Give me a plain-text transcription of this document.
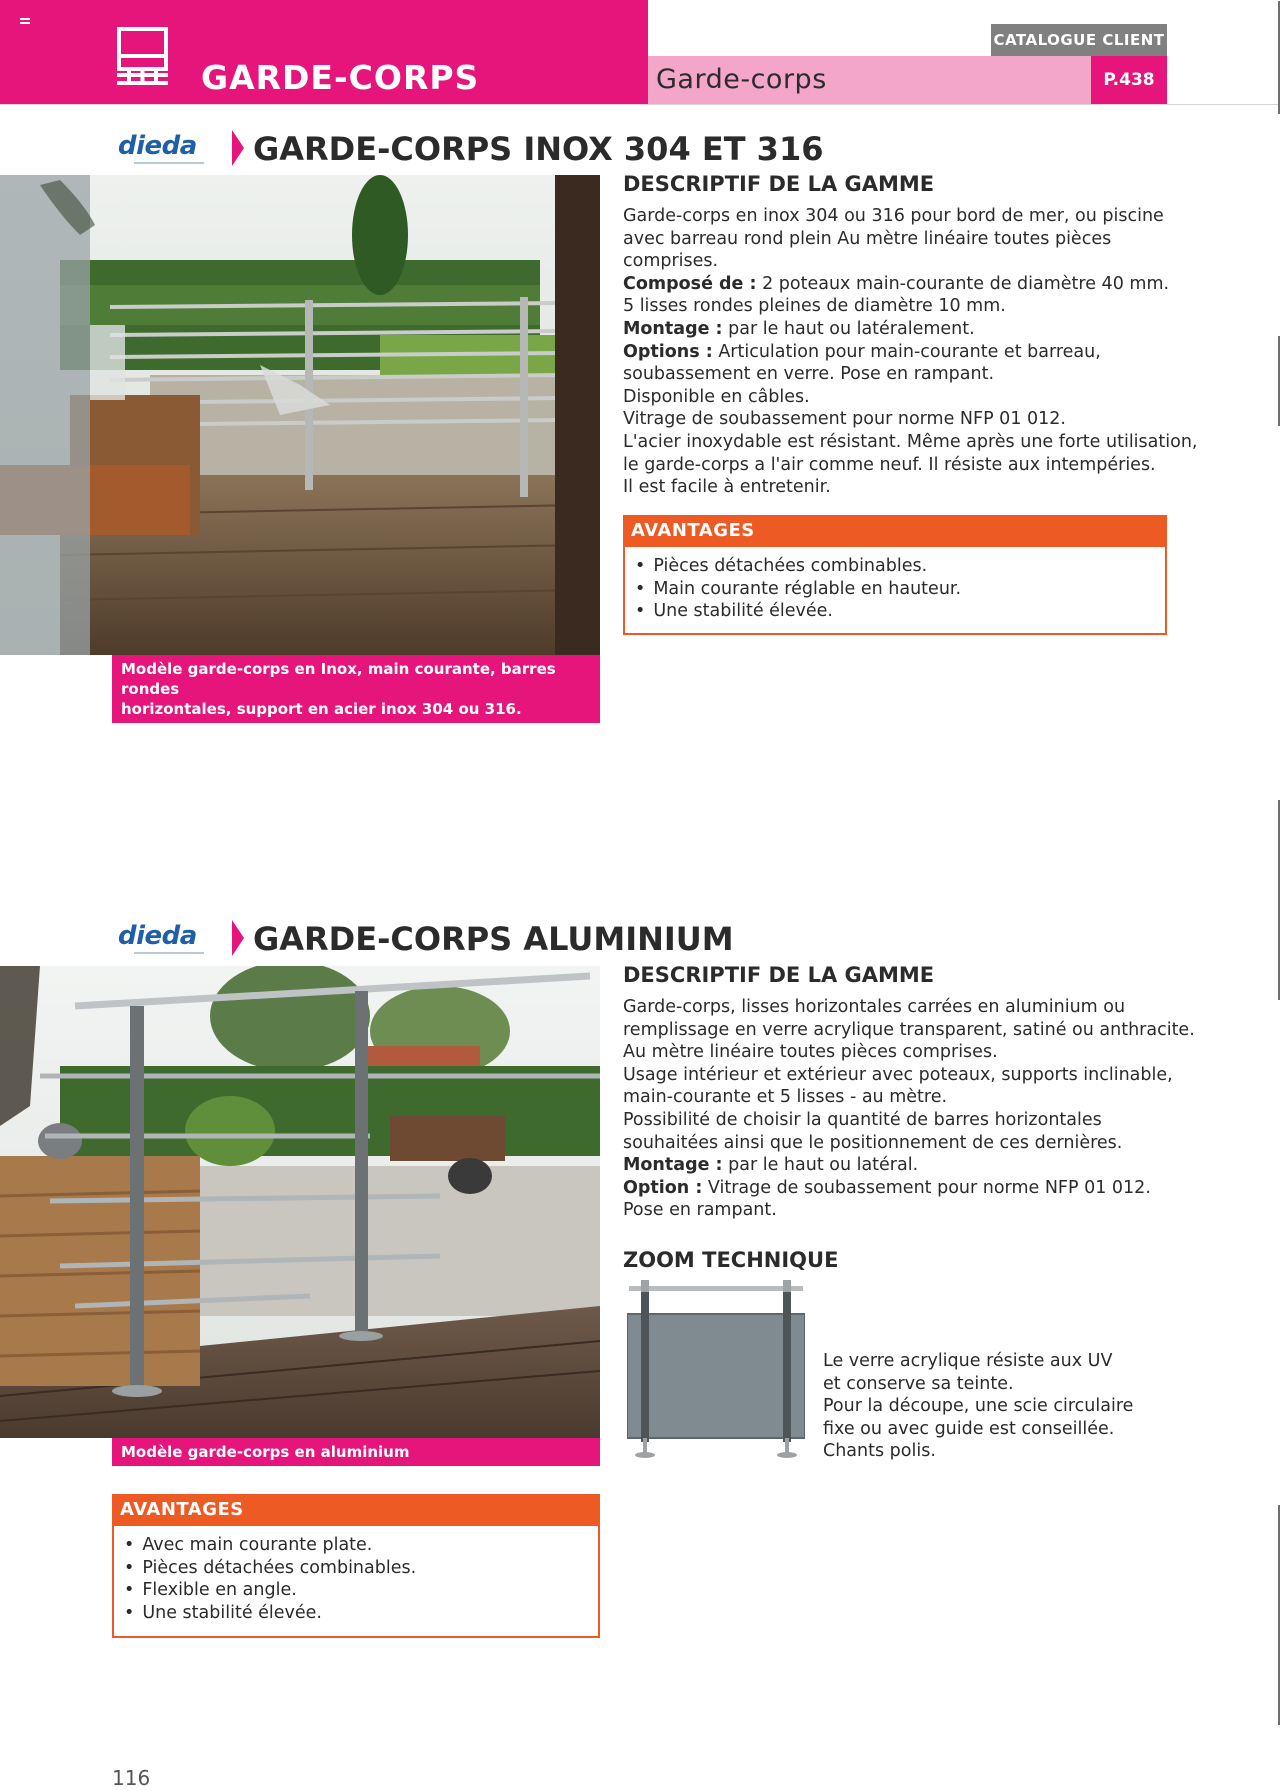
GARDE-CORPS	Garde-corps
CATALOGUE CLIENT
P.438
dieda	GARDE-CORPS INOX 304 ET 316
Modèle garde-corps en Inox, main courante, barres rondes
horizontales, support en acier inox 304 ou 316.
DESCRIPTIF DE LA GAMME

Garde-corps en inox 304 ou 316 pour bord de mer, ou piscine

avec barreau rond plein Au mètre linéaire toutes pièces

comprises.

Composé de : 2 poteaux main-courante de diamètre 40 mm.

5 lisses rondes pleines de diamètre 10 mm.

Montage : par le haut ou latéralement.

Options : Articulation pour main-courante et barreau,

soubassement en verre. Pose en rampant.

Disponible en câbles.

Vitrage de soubassement pour norme NFP 01 012.

L'acier inoxydable est résistant. Même après une forte utilisation,

le garde-corps a l'air comme neuf. Il résiste aux intempéries.

Il est facile à entretenir.

AVANTAGES
• Pièces détachées combinables.
• Main courante réglable en hauteur.
• Une stabilité élevée.
dieda	GARDE-CORPS ALUMINIUM
Modèle garde-corps en aluminium
DESCRIPTIF DE LA GAMME

Garde-corps, lisses horizontales carrées en aluminium ou

remplissage en verre acrylique transparent, satiné ou anthracite.

Au mètre linéaire toutes pièces comprises.

Usage intérieur et extérieur avec poteaux, supports inclinable,

main-courante et 5 lisses - au mètre.

Possibilité de choisir la quantité de barres horizontales

souhaitées ainsi que le positionnement de ces dernières.

Montage : par le haut ou latéral.

Option : Vitrage de soubassement pour norme NFP 01 012.

Pose en rampant.

ZOOM TECHNIQUE

Le verre acrylique résiste aux UV

et conserve sa teinte.

Pour la découpe, une scie circulaire

fixe ou avec guide est conseillée.

Chants polis.

AVANTAGES
• Avec main courante plate.
• Pièces détachées combinables.
• Flexible en angle.
• Une stabilité élevée.
116
